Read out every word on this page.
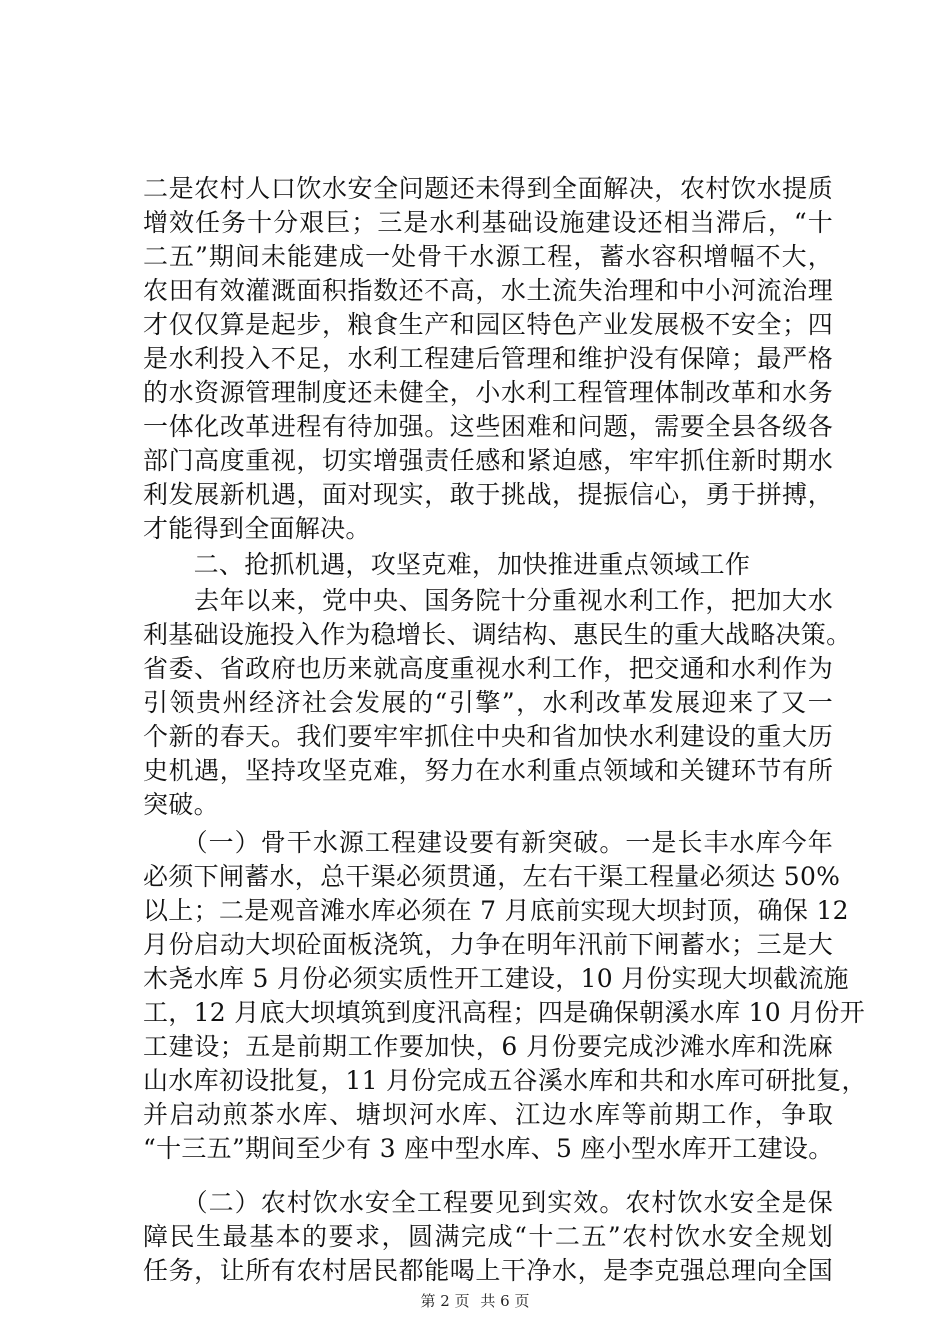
二是农村人口饮水安全问题还未得到全面解决，农村饮水提质
增效任务十分艰巨；三是水利基础设施建设还相当滞后，“十
二五”期间未能建成一处骨干水源工程，蓄水容积增幅不大，
农田有效灌溉面积指数还不高，水土流失治理和中小河流治理
才仅仅算是起步，粮食生产和园区特色产业发展极不安全；四
是水利投入不足，水利工程建后管理和维护没有保障；最严格
的水资源管理制度还未健全，小水利工程管理体制改革和水务
一体化改革进程有待加强。这些困难和问题，需要全县各级各
部门高度重视，切实增强责任感和紧迫感，牢牢抓住新时期水
利发展新机遇，面对现实，敢于挑战，提振信心，勇于拼搏，
才能得到全面解决。
　　二、抢抓机遇，攻坚克难，加快推进重点领域工作
　　去年以来，党中央、国务院十分重视水利工作，把加大水
利基础设施投入作为稳增长、调结构、惠民生的重大战略决策。
省委、省政府也历来就高度重视水利工作，把交通和水利作为
引领贵州经济社会发展的“引擎”，水利改革发展迎来了又一
个新的春天。我们要牢牢抓住中央和省加快水利建设的重大历
史机遇，坚持攻坚克难，努力在水利重点领域和关键环节有所
突破。
　　（一）骨干水源工程建设要有新突破。一是长丰水库今年
必须下闸蓄水，总干渠必须贯通，左右干渠工程量必须达 50%
以上；二是观音滩水库必须在 7 月底前实现大坝封顶，确保 12
月份启动大坝砼面板浇筑，力争在明年汛前下闸蓄水；三是大
木尧水库 5 月份必须实质性开工建设，10 月份实现大坝截流施
工，12 月底大坝填筑到度汛高程；四是确保朝溪水库 10 月份开
工建设；五是前期工作要加快，6 月份要完成沙滩水库和洗麻
山水库初设批复，11 月份完成五谷溪水库和共和水库可研批复，
并启动煎茶水库、塘坝河水库、江边水库等前期工作，争取
“十三五”期间至少有 3 座中型水库、5 座小型水库开工建设。
　　（二）农村饮水安全工程要见到实效。农村饮水安全是保
障民生最基本的要求，圆满完成“十二五”农村饮水安全规划
任务，让所有农村居民都能喝上干净水，是李克强总理向全国
第 2 页 共 6 页
